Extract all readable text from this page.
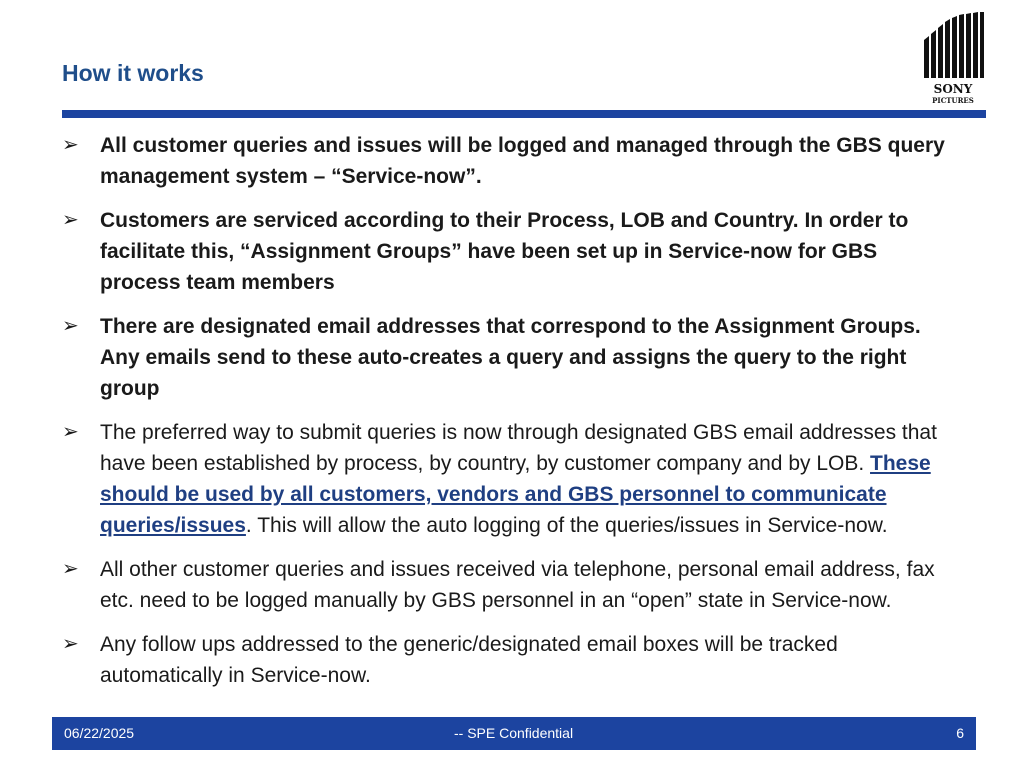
How it works
SONY
PICTURES
➢ All customer queries and issues will be logged and managed through the GBS query management system – “Service-now”.
➢ Customers are serviced according to their Process, LOB and Country. In order to facilitate this, “Assignment Groups” have been set up in Service-now for GBS process team members
➢ There are designated email addresses that correspond to the Assignment Groups. Any emails send to these auto-creates a query and assigns the query to the right group
➢ The preferred way to submit queries is now through designated GBS email addresses that have been established by process, by country, by customer company and by LOB. These should be used by all customers, vendors and GBS personnel to communicate queries/issues. This will allow the auto logging of the queries/issues in Service-now.
➢ All other customer queries and issues received via telephone, personal email address, fax etc. need to be logged manually by GBS personnel in an “open” state in Service-now.
➢ Any follow ups addressed to the generic/designated email boxes will be tracked automatically in Service-now.
06/22/2025	-- SPE Confidential	6
